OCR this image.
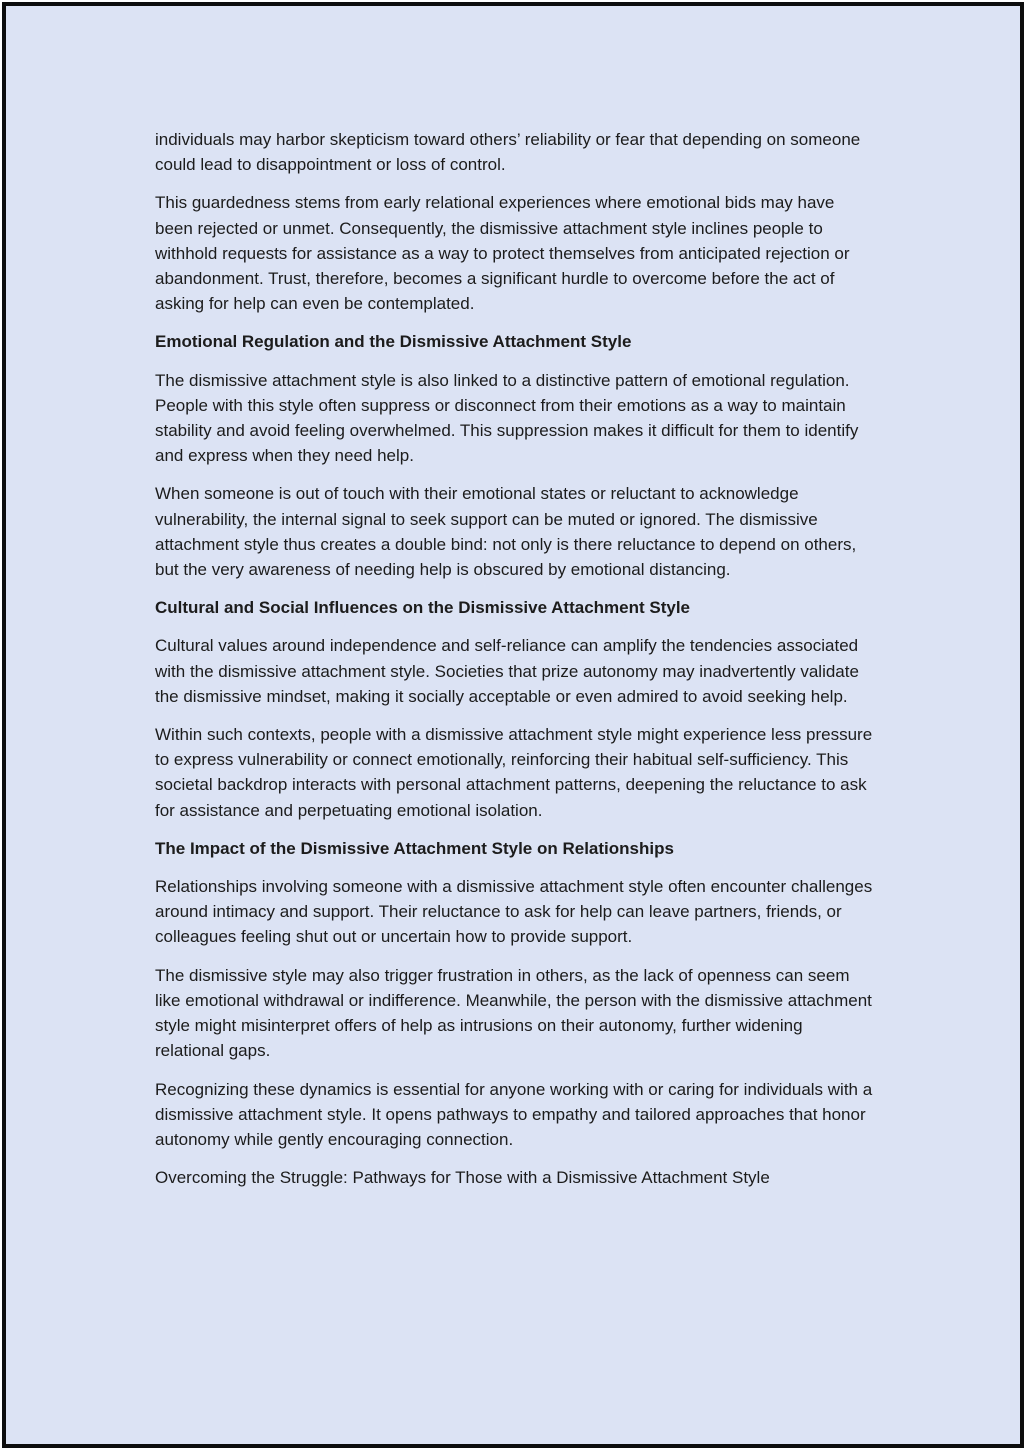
individuals may harbor skepticism toward others’ reliability or fear that depending on someone could lead to disappointment or loss of control.

This guardedness stems from early relational experiences where emotional bids may have been rejected or unmet. Consequently, the dismissive attachment style inclines people to withhold requests for assistance as a way to protect themselves from anticipated rejection or abandonment. Trust, therefore, becomes a significant hurdle to overcome before the act of asking for help can even be contemplated.

Emotional Regulation and the Dismissive Attachment Style

The dismissive attachment style is also linked to a distinctive pattern of emotional regulation. People with this style often suppress or disconnect from their emotions as a way to maintain stability and avoid feeling overwhelmed. This suppression makes it difficult for them to identify and express when they need help.

When someone is out of touch with their emotional states or reluctant to acknowledge vulnerability, the internal signal to seek support can be muted or ignored. The dismissive attachment style thus creates a double bind: not only is there reluctance to depend on others, but the very awareness of needing help is obscured by emotional distancing.

Cultural and Social Influences on the Dismissive Attachment Style

Cultural values around independence and self-reliance can amplify the tendencies associated with the dismissive attachment style. Societies that prize autonomy may inadvertently validate the dismissive mindset, making it socially acceptable or even admired to avoid seeking help.

Within such contexts, people with a dismissive attachment style might experience less pressure to express vulnerability or connect emotionally, reinforcing their habitual self-sufficiency. This societal backdrop interacts with personal attachment patterns, deepening the reluctance to ask for assistance and perpetuating emotional isolation.

The Impact of the Dismissive Attachment Style on Relationships

Relationships involving someone with a dismissive attachment style often encounter challenges around intimacy and support. Their reluctance to ask for help can leave partners, friends, or colleagues feeling shut out or uncertain how to provide support.

The dismissive style may also trigger frustration in others, as the lack of openness can seem like emotional withdrawal or indifference. Meanwhile, the person with the dismissive attachment style might misinterpret offers of help as intrusions on their autonomy, further widening relational gaps.

Recognizing these dynamics is essential for anyone working with or caring for individuals with a dismissive attachment style. It opens pathways to empathy and tailored approaches that honor autonomy while gently encouraging connection.

Overcoming the Struggle: Pathways for Those with a Dismissive Attachment Style
